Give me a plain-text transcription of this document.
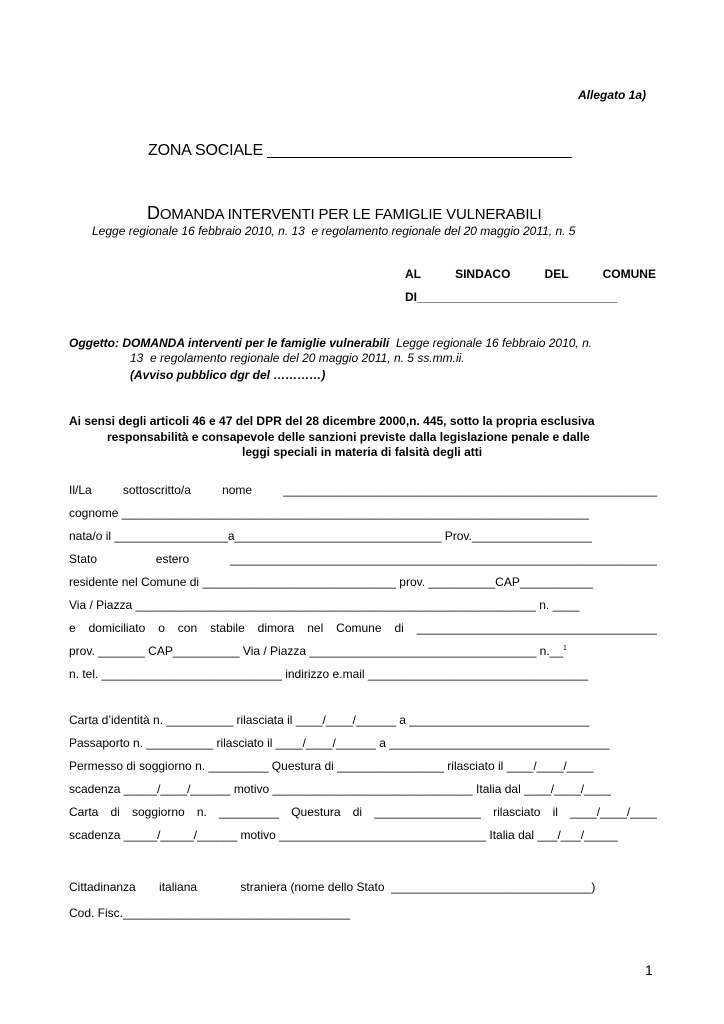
Allegato 1a)
ZONA SOCIALE ___________________________________
DOMANDA INTERVENTI PER LE FAMIGLIE VULNERABILI
Legge regionale 16 febbraio 2010, n. 13  e regolamento regionale del 20 maggio 2011, n. 5
AL	SINDACO	DEL	COMUNE
DI______________________________
Oggetto: DOMANDA interventi per le famiglie vulnerabili  Legge regionale 16 febbraio 2010, n.
13  e regolamento regionale del 20 maggio 2011, n. 5 ss.mm.ii.
(Avviso pubblico dgr del …………)
Ai sensi degli articoli 46 e 47 del DPR del 28 dicembre 2000,n. 445, sotto la propria esclusiva
responsabilità e consapevole delle sanzioni previste dalla legislazione penale e dalle
leggi speciali in materia di falsità degli atti
Il/La	sottoscritto/a	nome	________________________________________________________
cognome ______________________________________________________________________
nata/o il _________________a_______________________________ Prov.__________________
Stato	estero	________________________________________________________________
residente nel Comune di _____________________________ prov. __________CAP___________
Via / Piazza ____________________________________________________________ n. ____
e domiciliato o con stabile dimora nel Comune di ____________________________________
prov. _______ CAP__________ Via / Piazza __________________________________ n.__$^1$
n. tel. ___________________________ indirizzo e.mail _________________________________
Carta d’identità n. __________ rilasciata il ____/____/______ a ___________________________
Passaporto n. __________ rilasciato il ____/____/______ a _________________________________
Permesso di soggiorno n. _________ Questura di ________________ rilasciato il ____/____/____
scadenza _____/____/______ motivo ______________________________ Italia dal ____/____/____
Carta di soggiorno n. _________ Questura di ________________ rilasciato il ____/____/____
scadenza _____/_____/______ motivo _______________________________ Italia dal ___/___/_____
Cittadinanza       italiana             straniera (nome dello Stato  ______________________________)
Cod. Fisc.__________________________________
1
